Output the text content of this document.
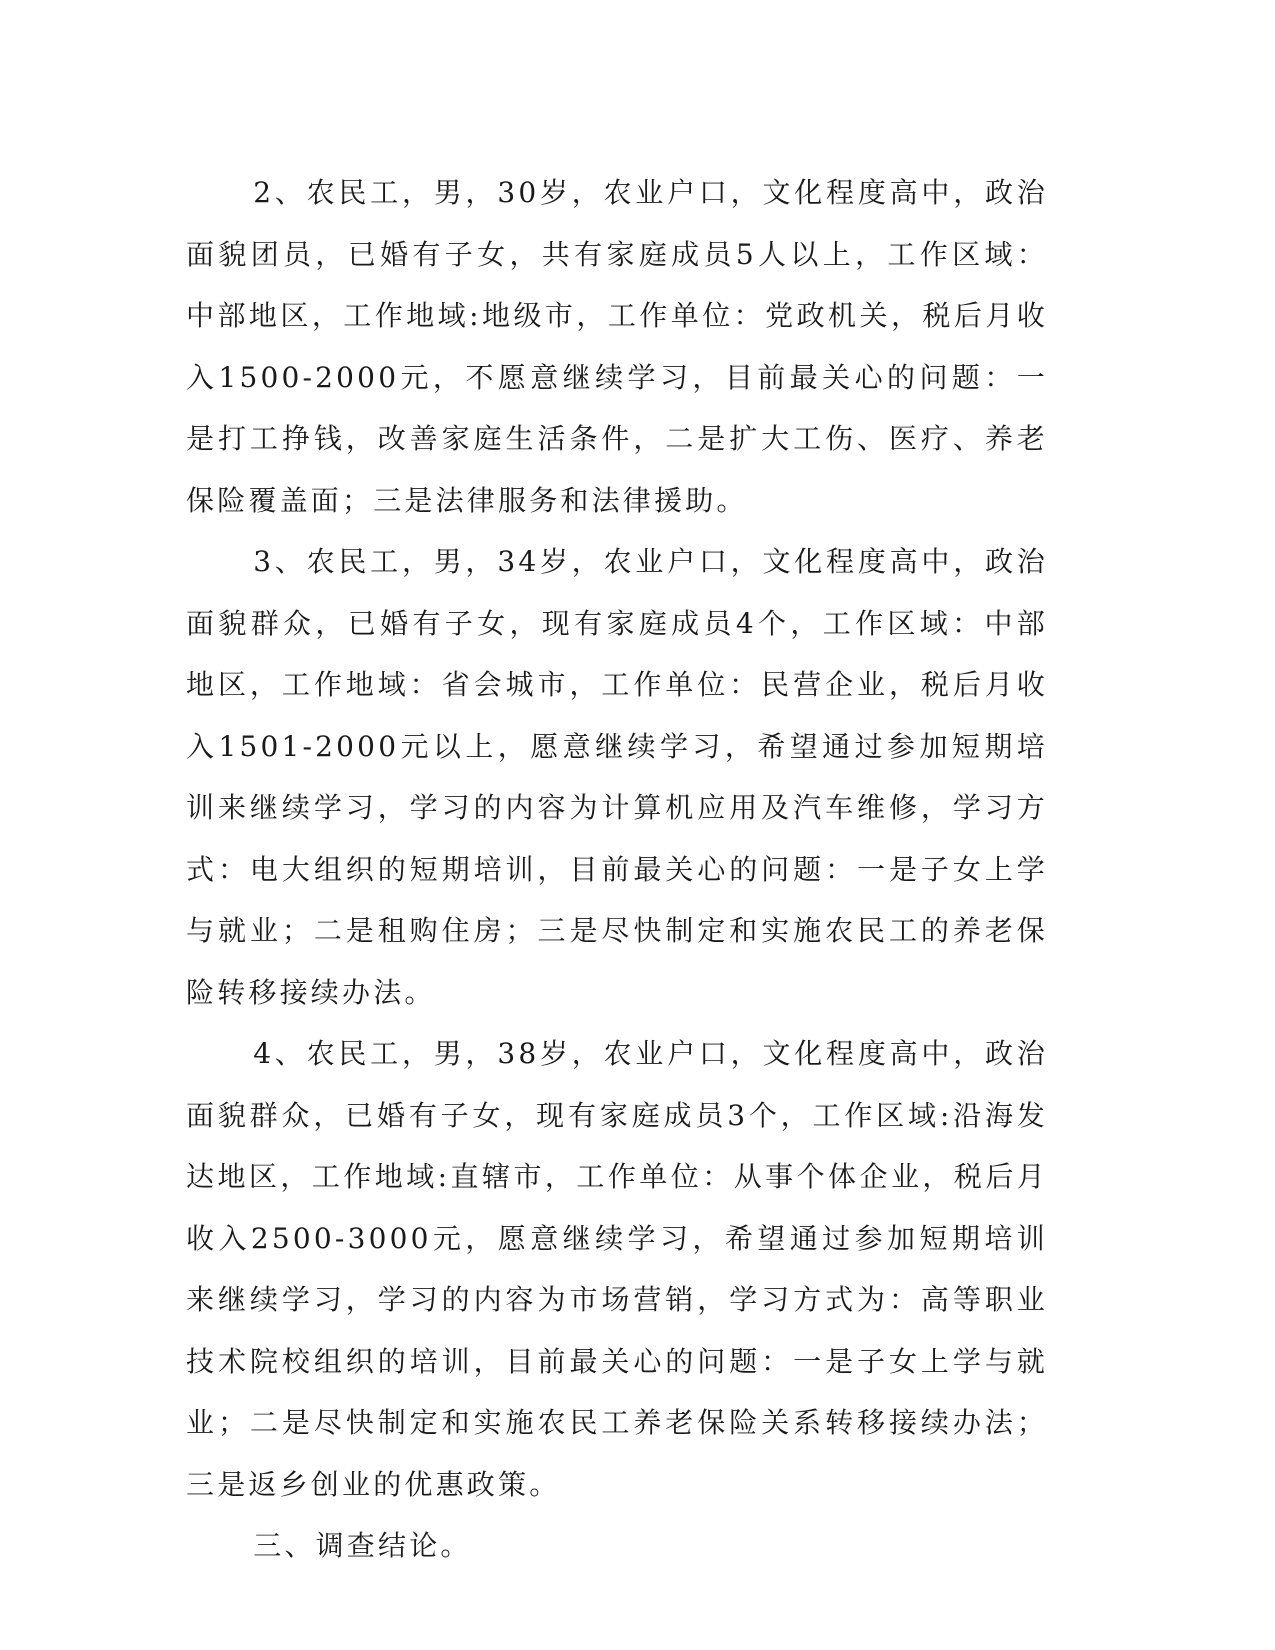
2、农民工，男，30岁，农业户口，文化程度高中，政治面貌团员，已婚有子女，共有家庭成员5人以上，工作区域：中部地区，工作地域:地级市，工作单位：党政机关，税后月收入1500-2000元，不愿意继续学习，目前最关心的问题：一是打工挣钱，改善家庭生活条件，二是扩大工伤、医疗、养老保险覆盖面；三是法律服务和法律援助。

3、农民工，男，34岁，农业户口，文化程度高中，政治面貌群众，已婚有子女，现有家庭成员4个，工作区域：中部地区，工作地域：省会城市，工作单位：民营企业，税后月收入1501-2000元以上，愿意继续学习，希望通过参加短期培训来继续学习，学习的内容为计算机应用及汽车维修，学习方式：电大组织的短期培训，目前最关心的问题：一是子女上学与就业；二是租购住房；三是尽快制定和实施农民工的养老保险转移接续办法。

4、农民工，男，38岁，农业户口，文化程度高中，政治面貌群众，已婚有子女，现有家庭成员3个，工作区域:沿海发达地区，工作地域:直辖市，工作单位：从事个体企业，税后月收入2500-3000元，愿意继续学习，希望通过参加短期培训来继续学习，学习的内容为市场营销，学习方式为：高等职业技术院校组织的培训，目前最关心的问题：一是子女上学与就业；二是尽快制定和实施农民工养老保险关系转移接续办法；三是返乡创业的优惠政策。

三、调查结论。
